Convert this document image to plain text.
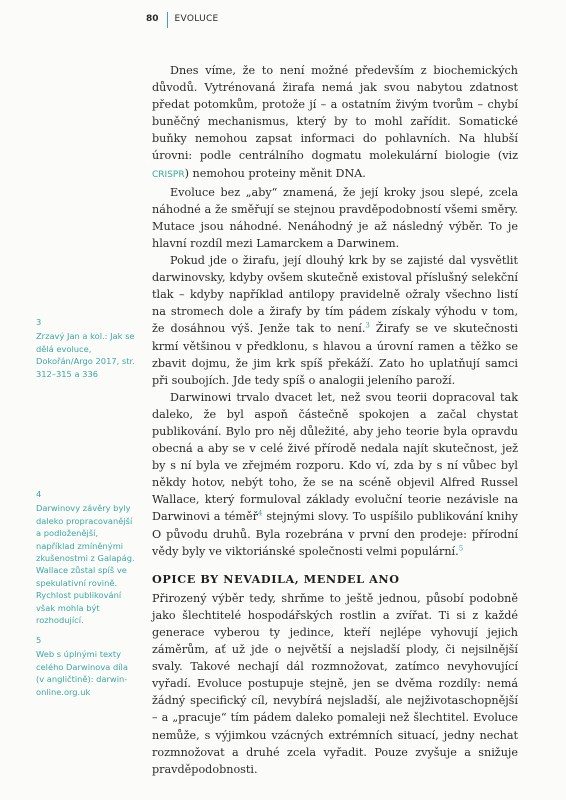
80 EVOLUCE

Dnes víme, že to není možné především z biochemických důvodů. Vytrénovaná žirafa nemá jak svou nabytou zdatnost předat potomkům, protože jí – a ostatním živým tvorům – chybí buněčný mechanismus, který by to mohl zařídit. Somatické buňky nemohou zapsat informaci do pohlavních. Na hlubší úrovni: podle centrálního dogmatu molekulární biologie (viz CRISPR) nemohou proteiny měnit DNA.

Evoluce bez „aby“ znamená, že její kroky jsou slepé, zcela náhodné a že směřují se stejnou pravděpodobností všemi směry. Mutace jsou náhodné. Nenáhodný je až následný výběr. To je hlavní rozdíl mezi Lamarckem a Darwinem.

Pokud jde o žirafu, její dlouhý krk by se zajisté dal vysvětlit darwinovsky, kdyby ovšem skutečně existoval příslušný selekční tlak – kdyby například antilopy pravidelně ožraly všechno listí na stromech dole a žirafy by tím pádem získaly výhodu v tom, že dosáhnou výš. Jenže tak to není.$^3$ Žirafy se ve skutečnosti krmí většinou v předklonu, s hlavou a úrovní ramen a těžko se zbavit dojmu, že jim krk spíš překáží. Zato ho uplatňují samci při soubojích. Jde tedy spíš o analogii jeleního paroží.

Darwinowi trvalo dvacet let, než svou teorii dopracoval tak daleko, že byl aspoň částečně spokojen a začal chystat publikování. Bylo pro něj důležité, aby jeho teorie byla opravdu obecná a aby se v celé živé přírodě nedala najít skutečnost, jež by s ní byla ve zřejmém rozporu. Kdo ví, zda by s ní vůbec byl někdy hotov, nebýt toho, že se na scéně objevil Alfred Russel Wallace, který formuloval základy evoluční teorie nezávisle na Darwinovi a téměř$^4$ stejnými slovy. To uspíšilo publikování knihy O původu druhů. Byla rozebrána v první den prodeje: přírodní vědy byly ve viktoriánské společnosti velmi populární.$^5$

OPICE BY NEVADILA, MENDEL ANO

Přirozený výběr tedy, shrňme to ještě jednou, působí podobně jako šlechtitelé hospodářských rostlin a zvířat. Ti si z každé generace vyberou ty jedince, kteří nejlépe vyhovují jejich záměrům, ať už jde o největší a nejsladší plody, či nejsilnější svaly. Takové nechají dál rozmnožovat, zatímco nevyhovující vyřadí. Evoluce postupuje stejně, jen se dvěma rozdíly: nemá žádný specifický cíl, nevybírá nejsladší, ale nejživotaschopnější – a „pracuje“ tím pádem daleko pomaleji než šlechtitel. Evoluce nemůže, s výjimkou vzácných extrémních situací, jedny nechat rozmnožovat a druhé zcela vyřadit. Pouze zvyšuje a snižuje pravděpodobnosti.

3
Zrzavý Jan a kol.: Jak se dělá evoluce, Dokořán/Argo 2017, str. 312–315 a 336
4
Darwinovy závěry byly daleko propracovanější a podloženější, například zmíněnými zkušenostmi z Galapág. Wallace zůstal spíš ve spekulativní rovině. Rychlost publikování však mohla být rozhodující.
5
Web s úplnými texty celého Darwinova díla (v angličtině): darwin-online.org.uk
